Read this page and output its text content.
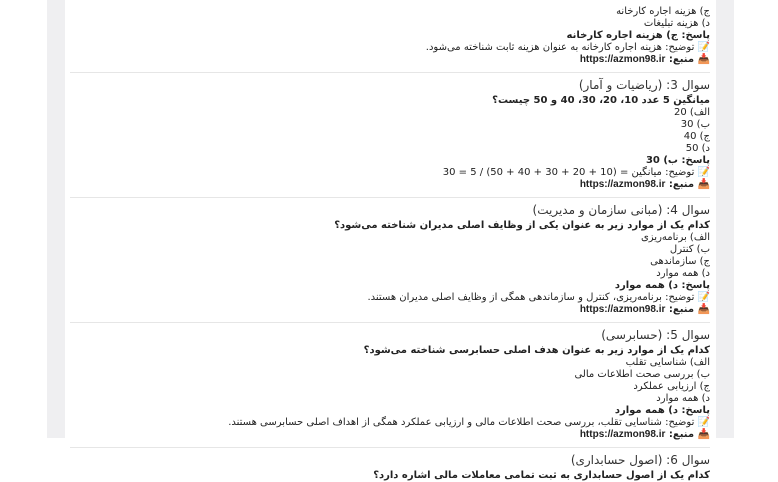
ج) هزینه اجاره کارخانه
د) هزینه تبلیغات
پاسخ: ج) هزینه اجاره کارخانه
📝 توضیح: هزینه اجاره کارخانه به عنوان هزینه ثابت شناخته می‌شود.
📥 منبع: https://azmon98.ir
سوال 3: (ریاضیات و آمار)
میانگین 5 عدد 10، 20، 30، 40 و 50 چیست؟
الف) 20
ب) 30
ج) 40
د) 50
پاسخ: ب) 30
📝 توضیح: میانگین = (10 + 20 + 30 + 40 + 50) / 5 = 30
📥 منبع: https://azmon98.ir
سوال 4: (مبانی سازمان و مدیریت)
کدام یک از موارد زیر به عنوان یکی از وظایف اصلی مدیران شناخته می‌شود؟
الف) برنامه‌ریزی
ب) کنترل
ج) سازماندهی
د) همه موارد
پاسخ: د) همه موارد
📝 توضیح: برنامه‌ریزی، کنترل و سازماندهی همگی از وظایف اصلی مدیران هستند.
📥 منبع: https://azmon98.ir
سوال 5: (حسابرسی)
کدام یک از موارد زیر به عنوان هدف اصلی حسابرسی شناخته می‌شود؟
الف) شناسایی تقلب
ب) بررسی صحت اطلاعات مالی
ج) ارزیابی عملکرد
د) همه موارد
پاسخ: د) همه موارد
📝 توضیح: شناسایی تقلب، بررسی صحت اطلاعات مالی و ارزیابی عملکرد همگی از اهداف اصلی حسابرسی هستند.
📥 منبع: https://azmon98.ir
سوال 6: (اصول حسابداری)
کدام یک از اصول حسابداری به ثبت تمامی معاملات مالی اشاره دارد؟
